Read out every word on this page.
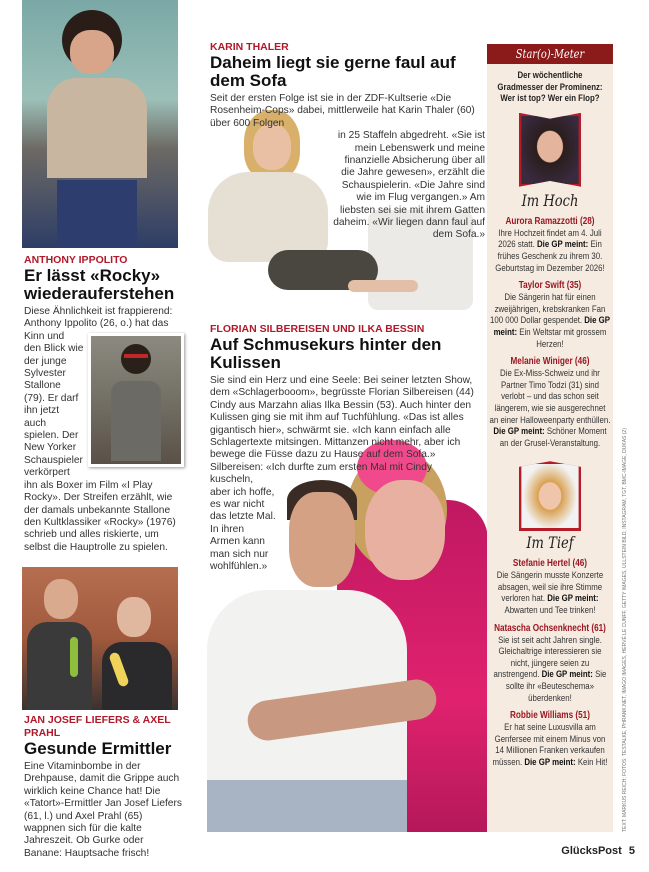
ANTHONY IPPOLITO
Er lässt «Rocky» wiederauferstehen
Diese Ähnlichkeit ist frappierend: Anthony Ippolito (26, o.) hat das
Kinn und den Blick wie der junge Sylvester Stallone (79). Er darf ihn jetzt auch spielen. Der New Yorker Schauspieler verkörpert ihn als Boxer im Film «I Play Rocky». Der Streifen erzählt, wie der damals unbekannte Stallone den Kultklassiker «Rocky» (1976) schrieb und alles riskierte, um selbst die Hauptrolle zu spielen.
JAN JOSEF LIEFERS & AXEL PRAHL
Gesunde Ermittler
Eine Vitaminbombe in der Drehpause, damit die Grippe auch wirklich keine Chance hat! Die «Tatort»-Ermittler Jan Josef Liefers (61, l.) und Axel Prahl (65) wappnen sich für die kalte Jahreszeit. Ob Gurke oder Banane: Hauptsache frisch!
KARIN THALER
Daheim liegt sie gerne faul auf dem Sofa
Seit der ersten Folge ist sie in der ZDF-Kultserie «Die Rosenheim-Cops» dabei, mittlerweile hat Karin Thaler (60) über 600 Folgen
in 25 Staffeln abgedreht. «Sie ist mein Lebenswerk und meine finanzielle Absicherung über all die Jahre gewesen», erzählt die Schauspielerin. «Die Jahre sind wie im Flug vergangen.» Am liebsten sei sie mit ihrem Gatten daheim. «Wir liegen dann faul auf dem Sofa.»
FLORIAN SILBEREISEN UND ILKA BESSIN
Auf Schmusekurs hinter den Kulissen
Sie sind ein Herz und eine Seele: Bei seiner letzten Show, dem «Schlagerbooom», begrüsste Florian Silbereisen (44) Cindy aus Marzahn alias Ilka Bessin (53). Auch hinter den Kulissen ging sie mit ihm auf Tuchfühlung. «Das ist alles gigantisch hier», schwärmt sie. «Ich kann einfach alle Schlagertexte mitsingen. Mittanzen nicht mehr, aber ich bewege die Füsse dazu zu Hause auf dem Sofa.» Silbereisen: «Ich durfte zum ersten Mal mit Cindy
kuscheln, aber ich hoffe, es war nicht das letzte Mal. In ihren Armen kann man sich nur wohlfühlen.»
Star(o)-Meter
Der wöchentliche Gradmesser der Prominenz: Wer ist top? Wer ein Flop?
Im Hoch
Aurora Ramazzotti (28)
Ihre Hochzeit findet am 4. Juli 2026 statt. Die GP meint: Ein frühes Geschenk zu ihrem 30. Geburtstag im Dezember 2026!
Taylor Swift (35)
Die Sängerin hat für einen zweijährigen, krebskranken Fan 100 000 Dollar gespendet. Die GP meint: Ein Weltstar mit grossem Herzen!
Melanie Winiger (46)
Die Ex-Miss-Schweiz und ihr Partner Timo Todzi (31) sind verlobt – und das schon seit längerem, wie sie ausgerechnet an einer Halloweenparty enthüllen. Die GP meint: Schöner Moment an der Grusel-Veranstaltung.
Im Tief
Stefanie Hertel (46)
Die Sängerin musste Konzerte absagen, weil sie ihre Stimme verloren hat. Die GP meint: Abwarten und Tee trinken!
Natascha Ochsenknecht (61)
Sie ist seit acht Jahren single. Gleichaltrige interessieren sie nicht, jüngere seien zu anstrengend. Die GP meint: Sie sollte ihr «Beuteschema» überdenken!
Robbie Williams (51)
Er hat seine Luxusvilla am Genfersee mit einem Minus von 14 Millionen Franken verkaufen müssen. Die GP meint: Kein Hit!	TEXT: MARKUS REICH; FOTOS: TESTALKE, PHRANK.NET, IMAGO IMAGES, HERVÉ LE CUNFF, GETTY IMAGES, ULLSTEIN BILD, INSTAGRAM, TGT, BMC-IMAGE, DUKAS (2)
GlücksPost 5
